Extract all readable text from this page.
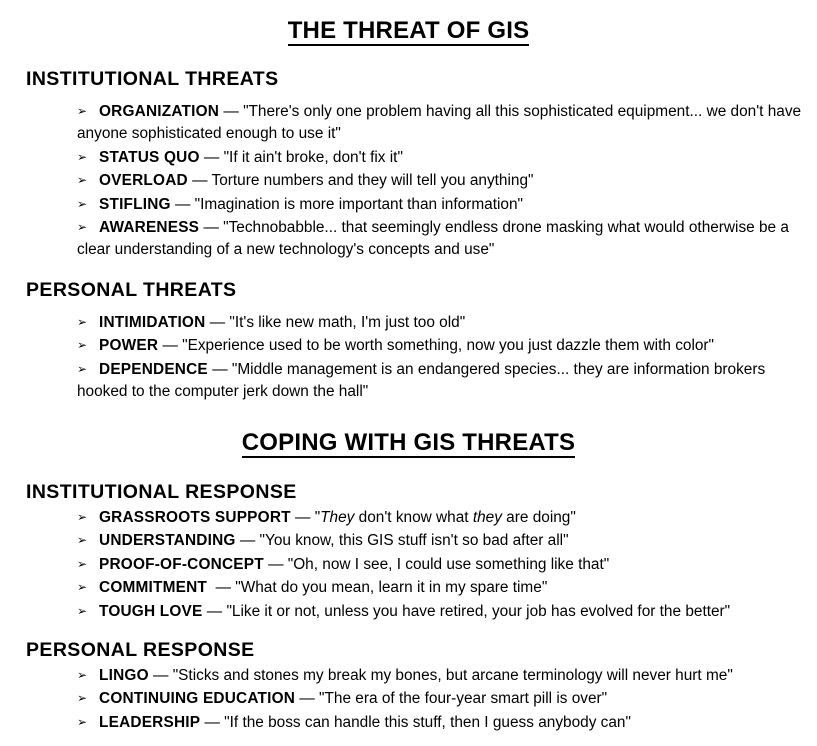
THE THREAT OF GIS
INSTITUTIONAL THREATS
➢ ORGANIZATION — "There's only one problem having all this sophisticated equipment... we don't have anyone sophisticated enough to use it"
➢ STATUS QUO — "If it ain't broke, don't fix it"
➢ OVERLOAD — Torture numbers and they will tell you anything"
➢ STIFLING — "Imagination is more important than information"
➢ AWARENESS — "Technobabble... that seemingly endless drone masking what would otherwise be a clear understanding of a new technology's concepts and use"
PERSONAL THREATS
➢ INTIMIDATION — "It's like new math, I'm just too old"
➢ POWER — "Experience used to be worth something, now you just dazzle them with color"
➢ DEPENDENCE — "Middle management is an endangered species... they are information brokers hooked to the computer jerk down the hall"
COPING WITH GIS THREATS
INSTITUTIONAL RESPONSE
➢ GRASSROOTS SUPPORT — "They don't know what they are doing"
➢ UNDERSTANDING — "You know, this GIS stuff isn't so bad after all"
➢ PROOF-OF-CONCEPT — "Oh, now I see, I could use something like that"
➢ COMMITMENT — "What do you mean, learn it in my spare time"
➢ TOUGH LOVE — "Like it or not, unless you have retired, your job has evolved for the better"
PERSONAL RESPONSE
➢ LINGO — "Sticks and stones my break my bones, but arcane terminology will never hurt me"
➢ CONTINUING EDUCATION — "The era of the four-year smart pill is over"
➢ LEADERSHIP — "If the boss can handle this stuff, then I guess anybody can"
